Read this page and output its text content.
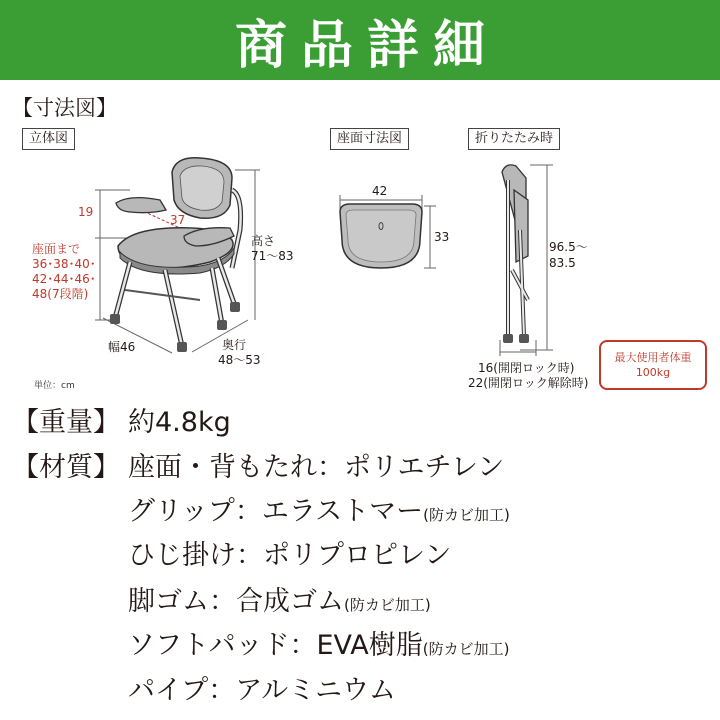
商品詳細
【寸法図】
立体図	座面寸法図	折りたたみ時
19
37
座面まで
36･38･40･
42･44･46･
48(7段階)
高さ
71～83
幅46	奥行
48～53
42
33
96.5～
83.5
16(開閉ロック時)
22(開閉ロック解除時)
単位：cm
最大使用者体重
100kg
【重量】 約4.8kg
【材質】 座面・背もたれ：ポリエチレン
グリップ：エラストマー(防カビ加工)
ひじ掛け：ポリプロピレン
脚ゴム：合成ゴム(防カビ加工)
ソフトパッド：EVA樹脂(防カビ加工)
パイプ：アルミニウム
